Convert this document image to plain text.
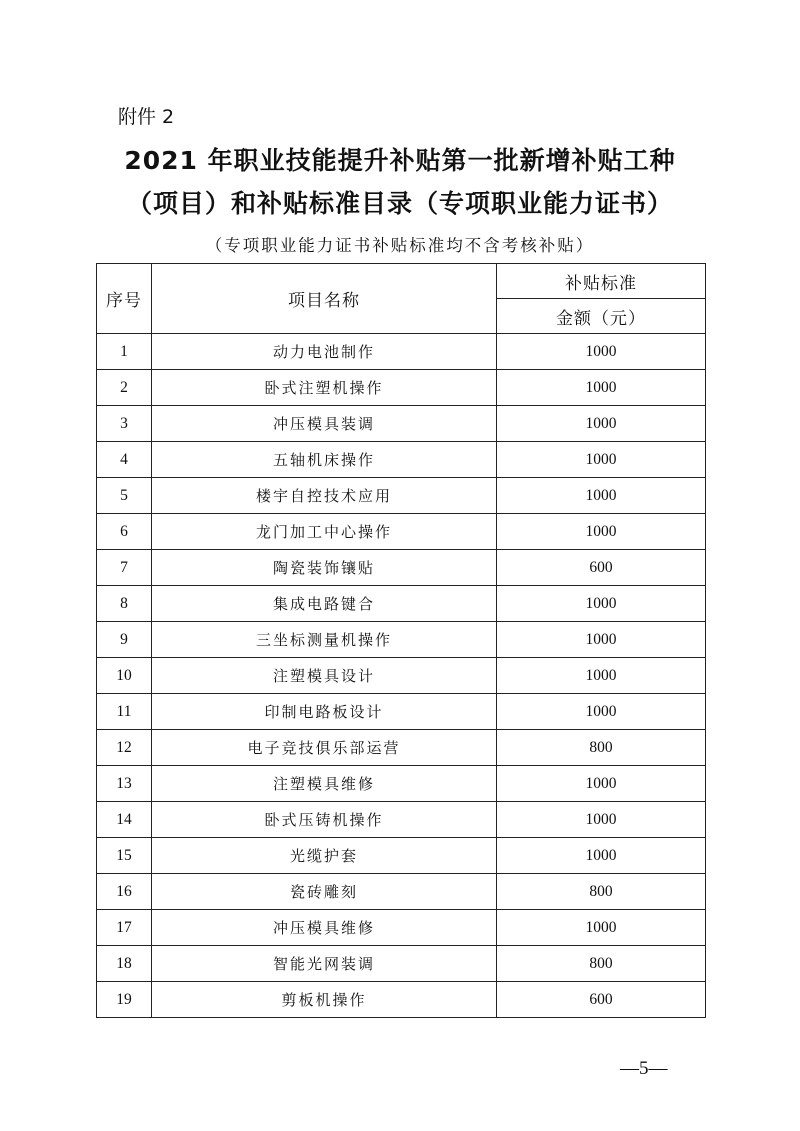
附件 2
2021 年职业技能提升补贴第一批新增补贴工种
（项目）和补贴标准目录（专项职业能力证书）
（专项职业能力证书补贴标准均不含考核补贴）
序号	项目名称	补贴标准
		金额（元）
1	动力电池制作	1000
2	卧式注塑机操作	1000
3	冲压模具装调	1000
4	五轴机床操作	1000
5	楼宇自控技术应用	1000
6	龙门加工中心操作	1000
7	陶瓷装饰镶贴	600
8	集成电路键合	1000
9	三坐标测量机操作	1000
10	注塑模具设计	1000
11	印制电路板设计	1000
12	电子竞技俱乐部运营	800
13	注塑模具维修	1000
14	卧式压铸机操作	1000
15	光缆护套	1000
16	瓷砖雕刻	800
17	冲压模具维修	1000
18	智能光网装调	800
19	剪板机操作	600
—5—
